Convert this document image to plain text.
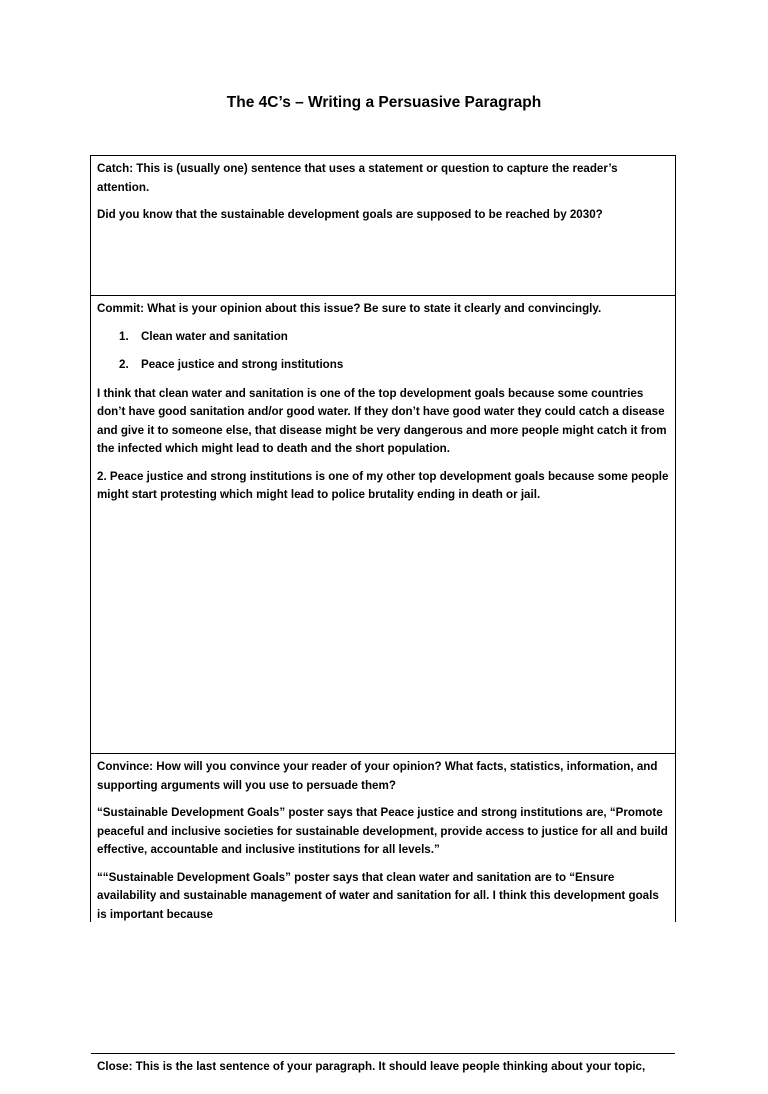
The 4C’s – Writing a Persuasive Paragraph

Catch: This is (usually one) sentence that uses a statement or question to capture the reader’s attention.

Did you know that the sustainable development goals are supposed to be reached by 2030?

Commit: What is your opinion about this issue? Be sure to state it clearly and convincingly.

1. Clean water and sanitation
2. Peace justice and strong institutions

I think that clean water and sanitation is one of the top development goals because some countries don’t have good sanitation and/or good water. If they don’t have good water they could catch a disease and give it to someone else, that disease might be very dangerous and more people might catch it from the infected which might lead to death and the short population.

2. Peace justice and strong institutions is one of my other top development goals because some people might start protesting which might lead to police brutality ending in death or jail.

Convince: How will you convince your reader of your opinion? What facts, statistics, information, and supporting arguments will you use to persuade them?

“Sustainable Development Goals” poster says that Peace justice and strong institutions are, “Promote peaceful and inclusive societies for sustainable development, provide access to justice for all and build effective, accountable and inclusive institutions for all levels.”

““Sustainable Development Goals” poster says that clean water and sanitation are to “Ensure availability and sustainable management of water and sanitation for all. I think this development goals is important because

Close: This is the last sentence of your paragraph. It should leave people thinking about your topic,
